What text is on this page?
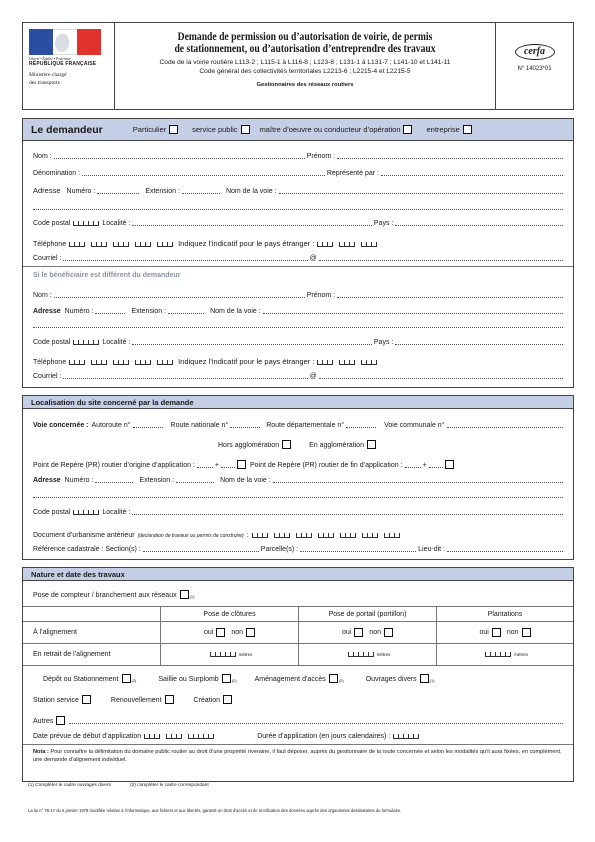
Liberté • Égalité • Fraternité
RÉPUBLIQUE FRANÇAISE
Ministère chargé
des transports
Demande de permission ou d’autorisation de voirie, de permis
de stationnement, ou d’autorisation d’entreprendre des travaux
Code de la voirie routière L113-2 ; L115-1 à L116-8 ; L123-8 ; L131-1 à L131-7 ; L141-10 et L141-11
Code général des collectivités territoriales L2213-6 ; L2215-4 et L2215-5
Gestionnaires des réseaux routiers
cerfa
N° 14023*01
Le demandeur	Particulier	service public	maître d’oeuvre ou conducteur d’opération	entreprise
Nom :	Prénom :
Dénomination :	Représenté par :
Adresse Numéro :	Extension :	Nom de la voie :
Code postal	Localité :	Pays :
Téléphone	Indiquez l’indicatif pour le pays étranger :
Courriel :	@
Si le bénéficiaire est différent du demandeur
Nom :	Prénom :
Adresse Numéro :	Extension :	Nom de la voie :
Code postal	Localité :	Pays :
Téléphone	Indiquez l’indicatif pour le pays étranger :
Courriel :	@
Localisation du site concerné par la demande
Voie concernée : Autoroute n°	Route nationale n°	Route départementale n°	Voie communale n°
Hors agglomération	En agglomération
Point de Repère (PR) routier d’origine d’application :	+	Point de Repère (PR) routier de fin d’application :	+
Adresse Numéro :	Extension :	Nom de la voie :
Code postal	Localité :
Document d’urbanisme antérieur (déclaration de travaux ou permis de construire) :
Référence cadastrale : Section(s) :	Parcelle(s) :	Lieu-dit :
Nature et date des travaux
Pose de compteur / branchement aux réseaux	$_{(1)}$
Pose de clôtures	Pose de portail (portillon)	Plantations
À l’alignement	oui	non	oui	non	oui	non
En retrait de l’alignement	mètres	mètres	mètres
Dépôt ou Stationnement	$_{(2)}$	Saillie ou Surplomb	$_{(2)}$	Aménagement d’accès	$_{(2)}$	Ouvrages divers	$_{(1)}$
Station service	Renouvellement	Création
Autres
Date prévue de début d’application	Durée d’application (en jours calendaires) :
Nota : Pour connaître la délimitation du domaine public routier au droit d’une propriété riveraine, il faut déposer, auprès du gestionnaire de la route concernée et selon les modalités qu’il aura fixées, en complément, une demande d’alignement individuel.
(1) Compléter le cadre ouvrages divers	(2) compléter le cadre correspondant
La loi n° 78-17 du 6 janvier 1978 modifiée relative à l’informatique, aux fichiers et aux libertés, garantit un droit d’accès et de rectification des données auprès des organismes destinataires du formulaire.
